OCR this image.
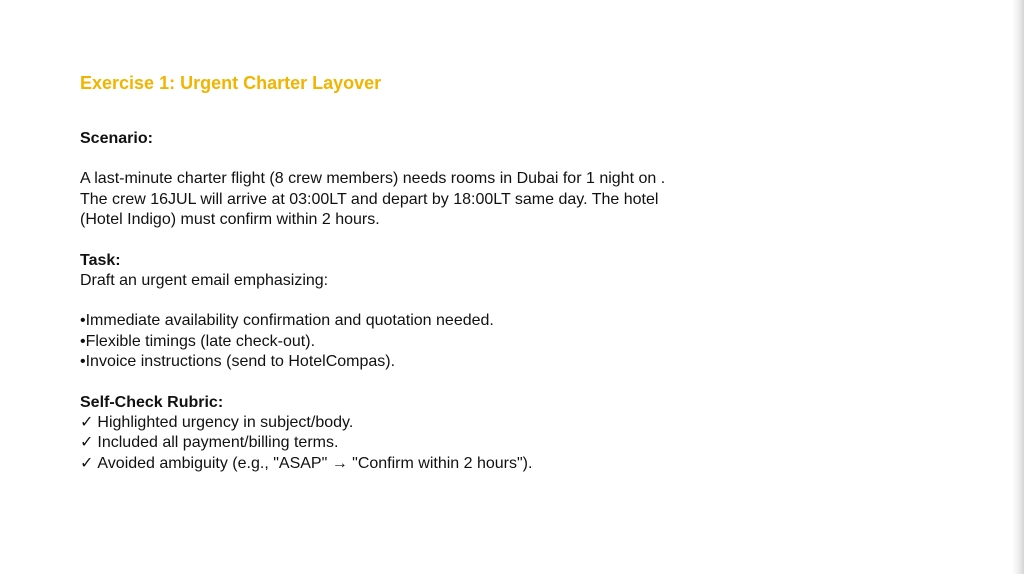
Exercise 1: Urgent Charter Layover

Scenario:

A last-minute charter flight (8 crew members) needs rooms in Dubai for 1 night on .

The crew 16JUL will arrive at 03:00LT and depart by 18:00LT same day. The hotel

(Hotel Indigo) must confirm within 2 hours.

Task:

Draft an urgent email emphasizing:

•Immediate availability confirmation and quotation needed.

•Flexible timings (late check-out).

•Invoice instructions (send to HotelCompas).

Self-Check Rubric:

✓ Highlighted urgency in subject/body.

✓ Included all payment/billing terms.

✓ Avoided ambiguity (e.g., "ASAP" → "Confirm within 2 hours").
